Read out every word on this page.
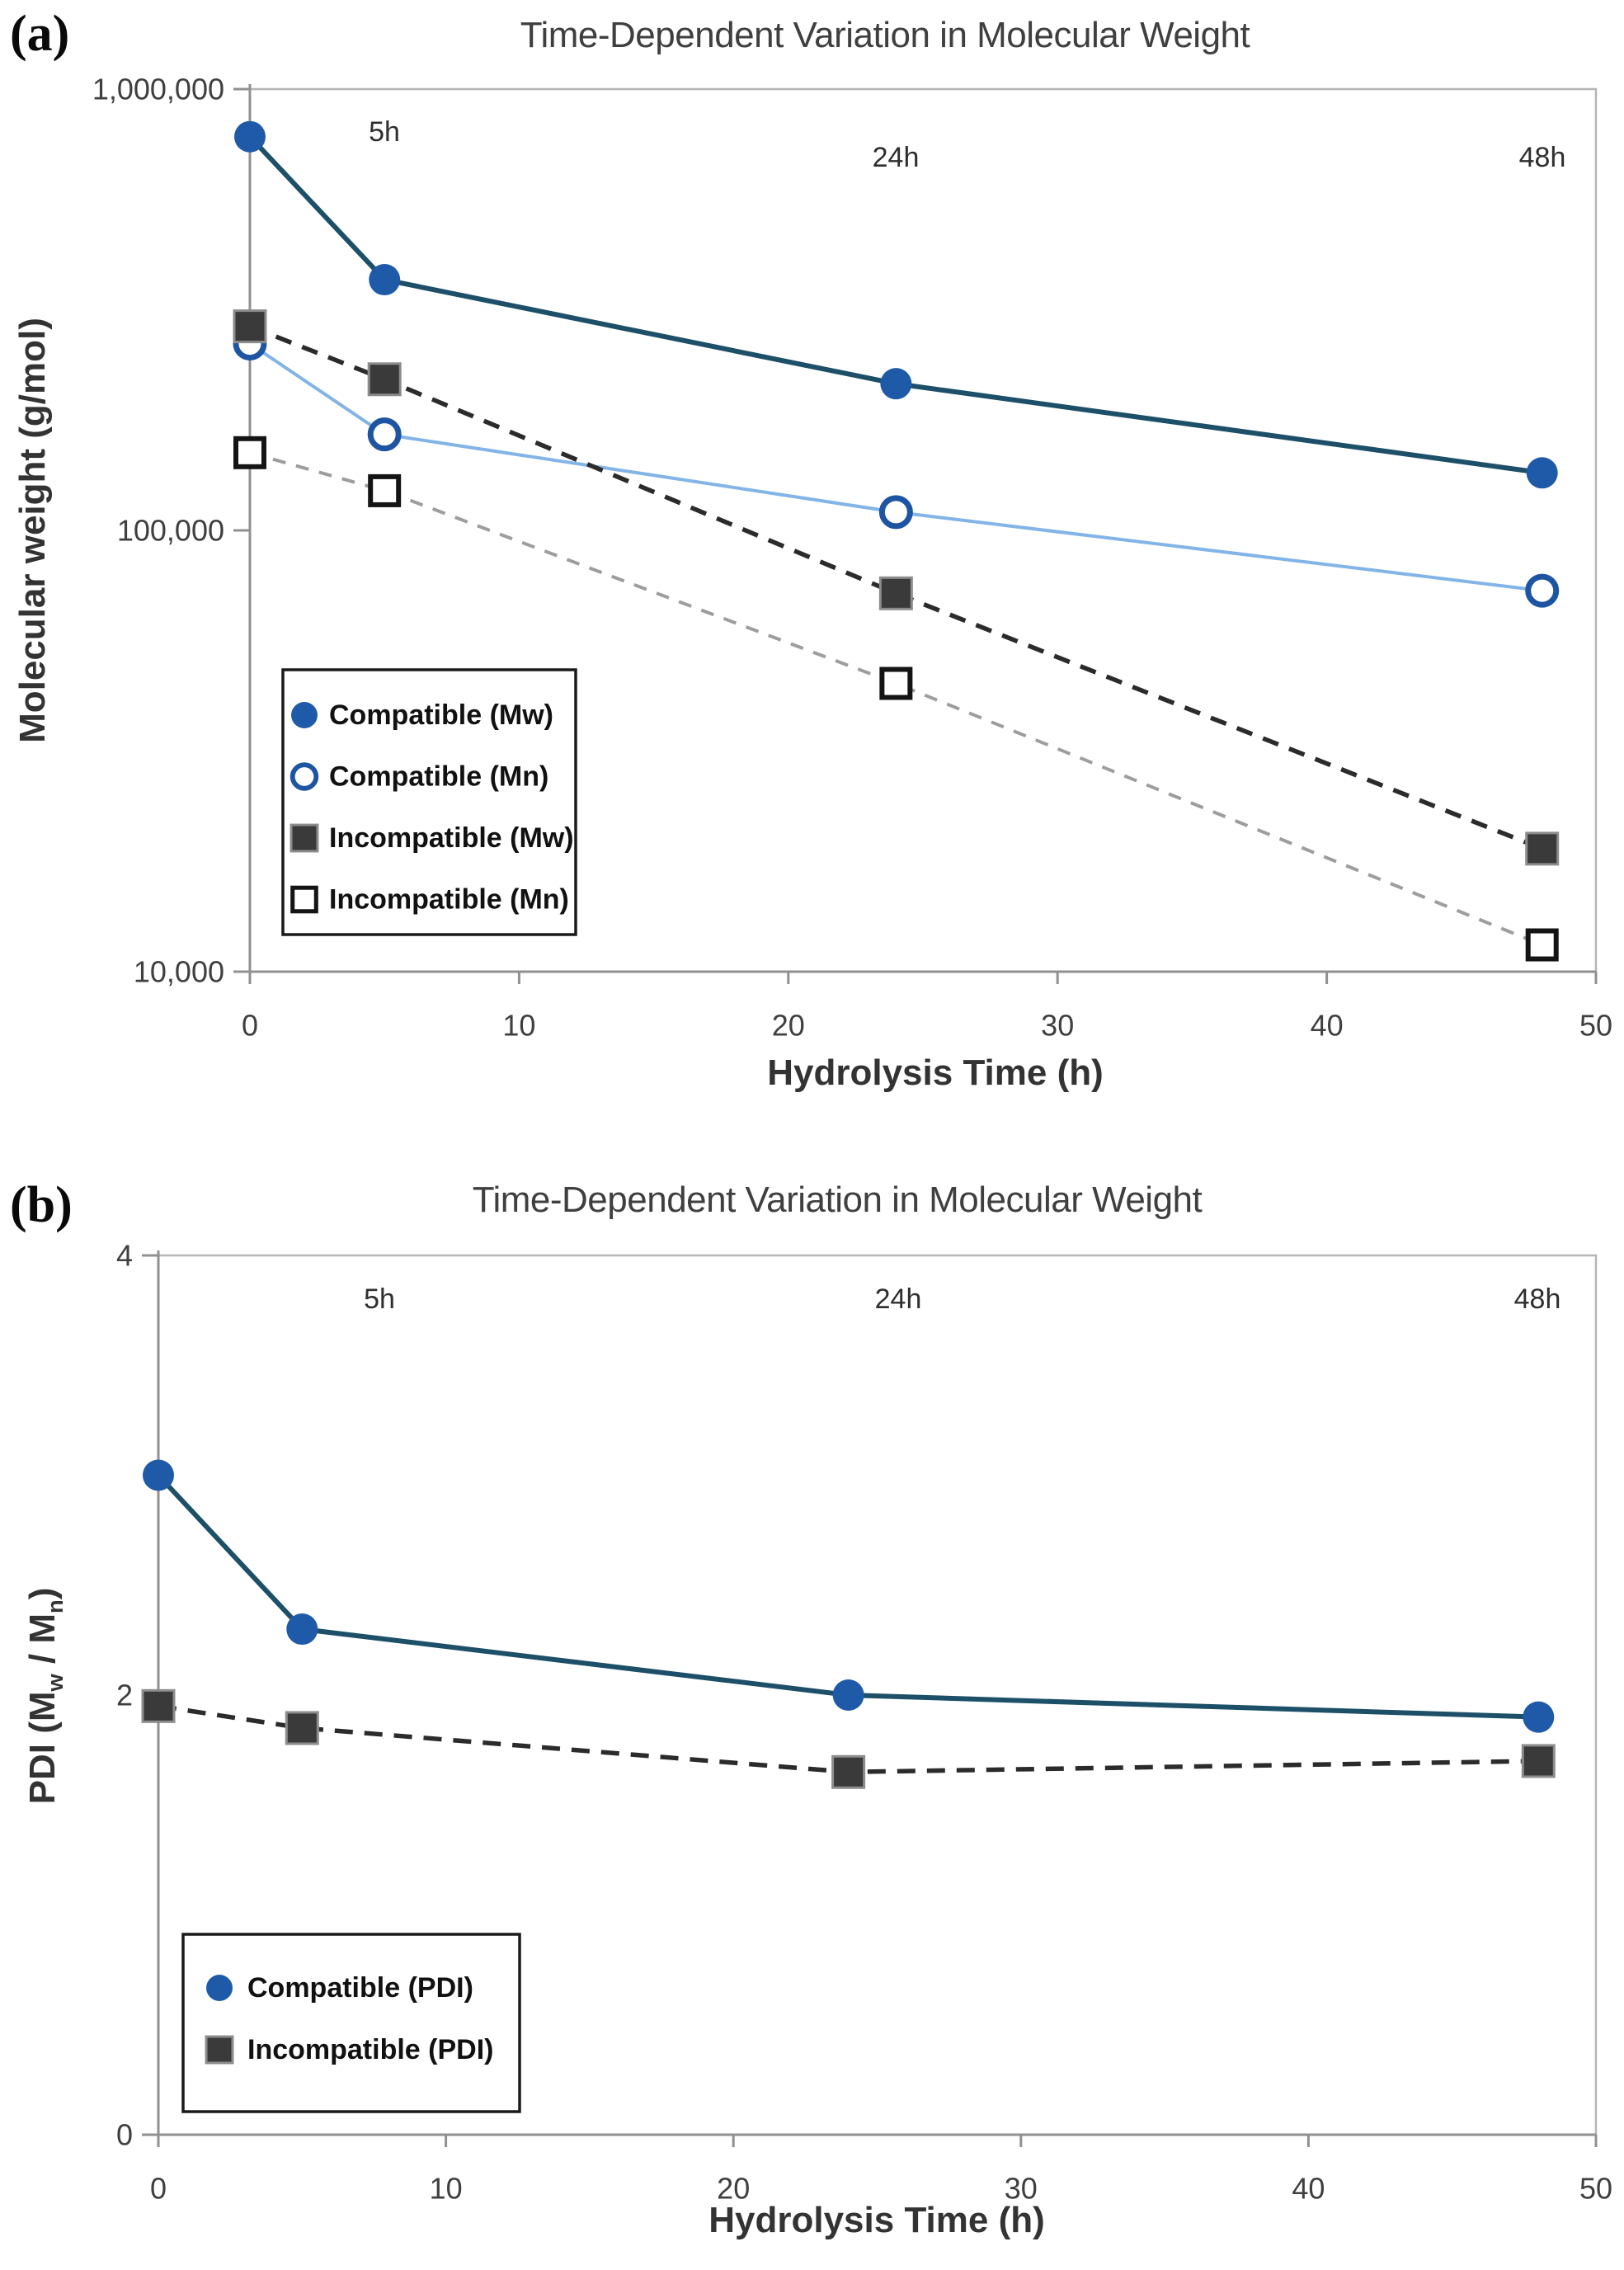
1,000,000
100,000
10,000
0	10	20	30	40	50
5h
24h	48h
Compatible (Mw)
Compatible (Mn)
Incompatible (Mw)
Incompatible (Mn)
4
2
0
0	10	20	30	40	50
5h	24h	48h
Compatible (PDI)
Incompatible (PDI)
(a)	Time-Dependent Variation in Molecular Weight
Molecular weight (g/mol)
Hydrolysis Time (h)
(b)	Time-Dependent Variation in Molecular Weight
PDI $(M_w / M_n)$
Hydrolysis Time (h)
